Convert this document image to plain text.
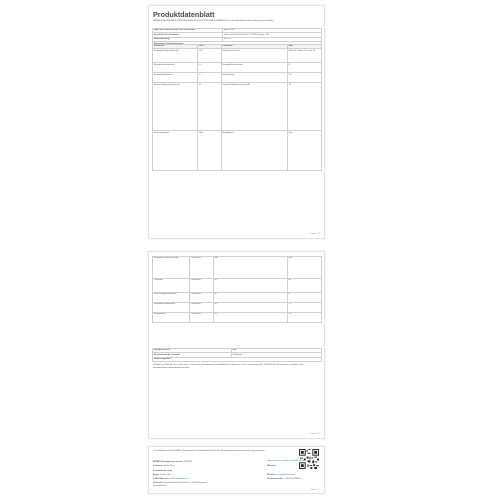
Produktdatenblatt
GEMÄSS DELEGIERTE VERORDNUNG (EU) 2020/740 DER KOMMISSION zur Energieeffizienzkennzeichnung von Reifen
Name oder Warenzeichen des Lieferanten:	Berlin Tires
Anschrift des Lieferanten:	Hermann-Henkel-Straße 17, 47906 Kempen, DE
Modellkennung:	BR 75.2

Parameter	Wert	Parameter	Wert
Reifengrößenbezeichnung	215	Reifenbreite in mm	Höhe 65 / Breite 16 / Last 98
Energieeffizienzklasse	B	Energieeffizienzklasse	B
Nasshaftungsklasse	C	Nasshaftung	1,0
Externe Rollgeräuschklasse	B	Externes Rollgeräusch (in dB)	70
Schneegriffigkeit	Nein	Eisgriffigkeit	Nein
Seite 1 / 2
Reifengrößenbezeichnung	Nenn-wert	N/A	Frei
Lastindex	Nenn-wert	Ja	98
Geschwindigkeitssymbol	Nenn-wert	Ja	H
Rollwiderstandsbeiwert	Nenn-wert	Ja	7,5
Nasshaftung	Nenn-wert	Ja	1,0
Energieeffizienz:	Nein
Mindestdauer der Garantie:	24 Monate
Weitere Angaben:	
Weblink zur Website des Lieferanten, auf der die Informationen gemäß Anhang II Nummer 2 der Verordnung (EU) 2020/740 der Kommission zu finden sind: www.berlintires.de/produktinformation
Seite 2 / 2
Das Modell wurde bei EPREL (Europäische Produktdatenbank für die Energieverbrauchskennzeichnung) registriert.
EPREL-Eintragungsnummer: 1903902
Lieferant: Berlin Tires
Kundenbetreuung:
Name: Berlin Tires
E-Mail-Adresse: info@berlintires.de
Anschrift: Hermann-Henkel-Straße 17, 47906 Kempen, Deutschland
https://eprel.ec.europa.eu/qr/1903902
Website:
Website: www.berlintires.de
Telefonnummer: +49 2152 8999-0
Seite 1 / 1
